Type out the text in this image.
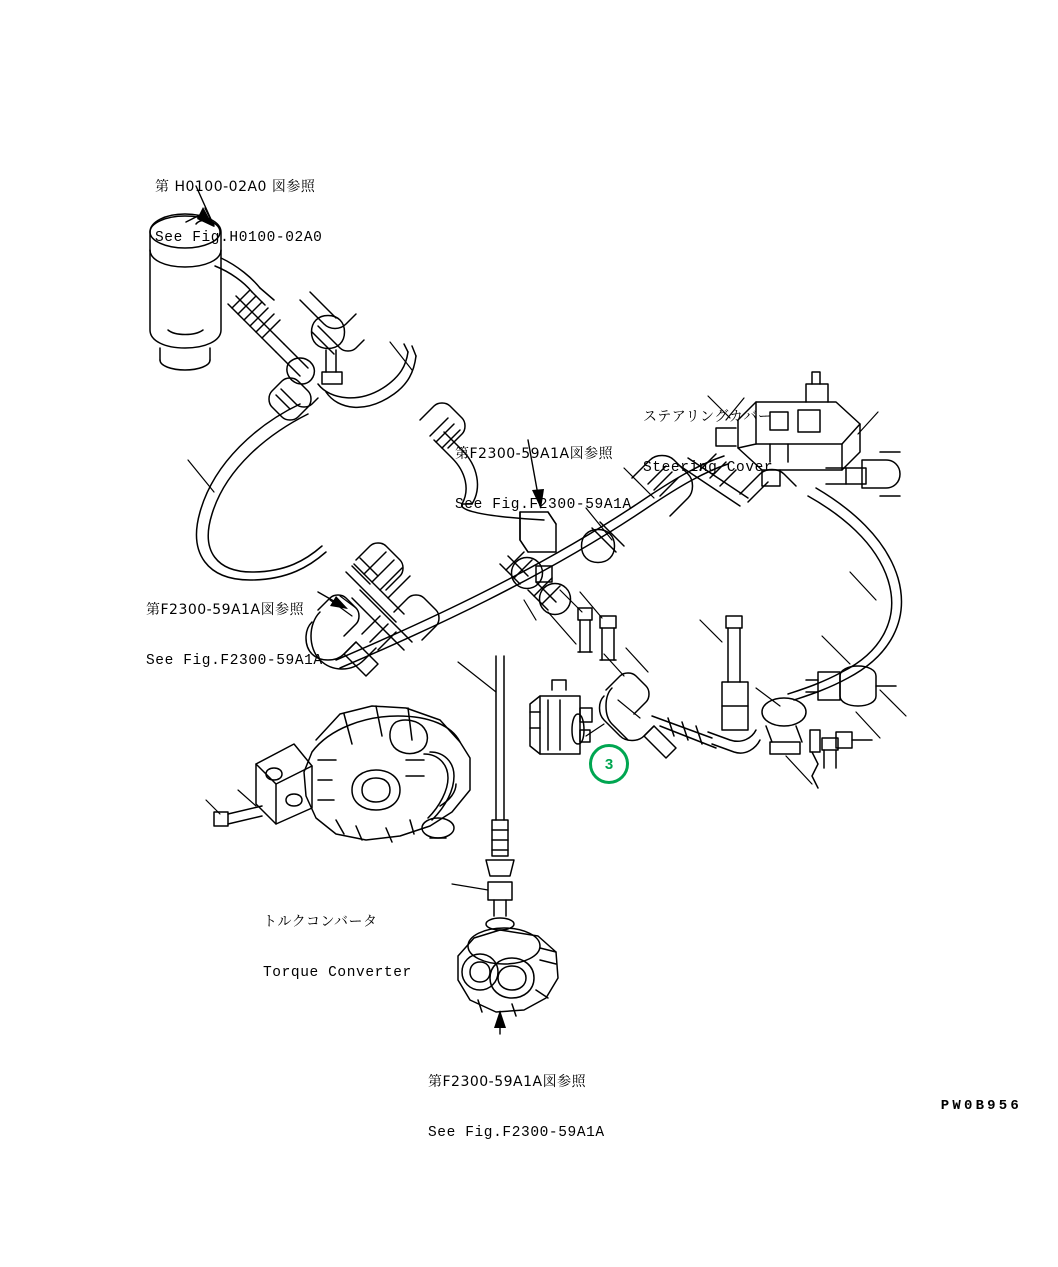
第 H0100-02A0 図参照

See Fig.H0100-02A0

第F2300-59A1A図参照

See Fig.F2300-59A1A

ステアリングカバー

Steering Cover

第F2300-59A1A図参照

See Fig.F2300-59A1A

トルクコンバータ

Torque Converter

第F2300-59A1A図参照

See Fig.F2300-59A1A

3
PW0B956
